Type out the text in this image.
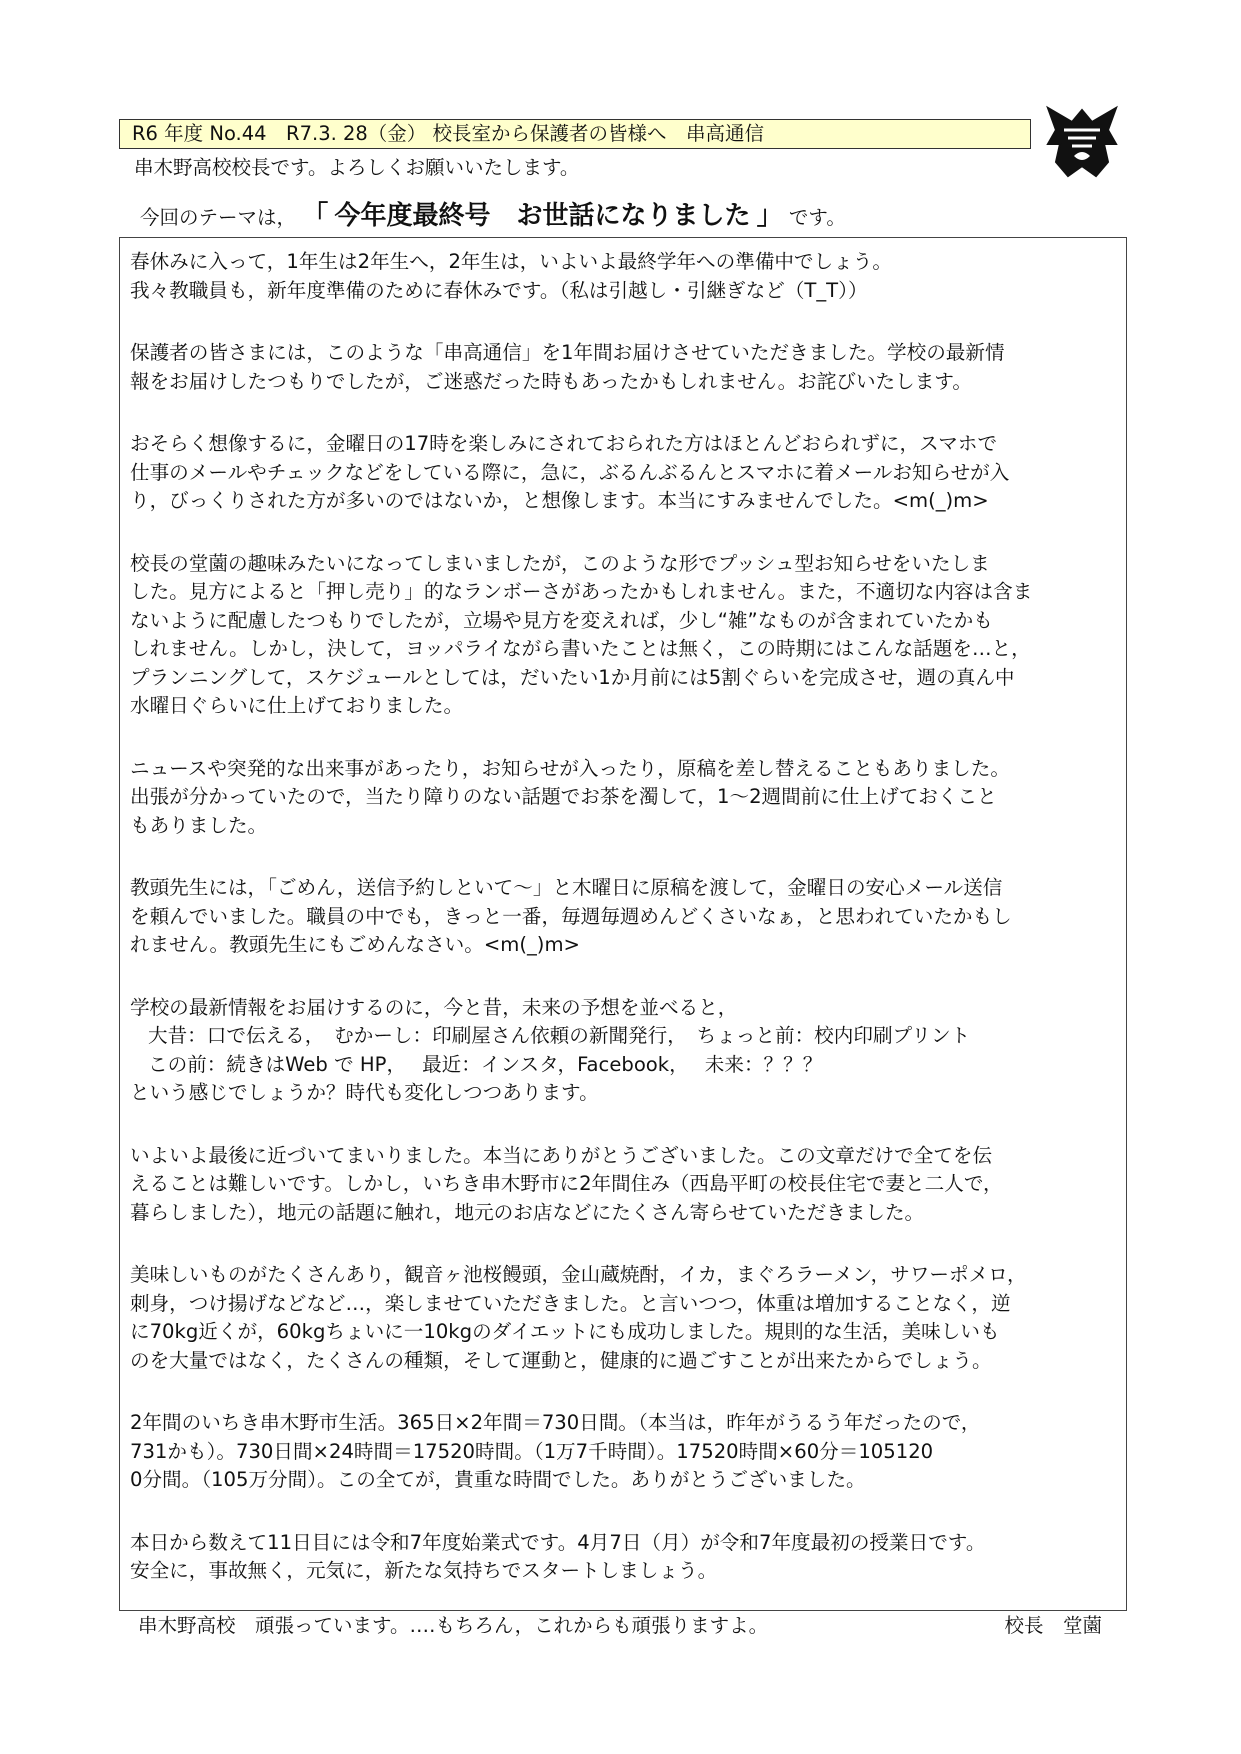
R6 年度 No.44　R7.3. 28（金） 校長室から保護者の皆様へ　串高通信
串木野高校校長です。よろしくお願いいたします。
今回のテーマは， 「 今年度最終号　お世話になりました 」 です。
春休みに入って，1年生は2年生へ，2年生は，いよいよ最終学年への準備中でしょう。
我々教職員も，新年度準備のために春休みです。（私は引越し・引継ぎなど（T_T））
保護者の皆さまには，このような「串高通信」を1年間お届けさせていただきました。学校の最新情
報をお届けしたつもりでしたが，ご迷惑だった時もあったかもしれません。お詫びいたします。
おそらく想像するに，金曜日の17時を楽しみにされておられた方はほとんどおられずに，スマホで
仕事のメールやチェックなどをしている際に，急に，ぶるんぶるんとスマホに着メールお知らせが入
り，びっくりされた方が多いのではないか，と想像します。本当にすみませんでした。<m(_)m>
校長の堂薗の趣味みたいになってしまいましたが，このような形でプッシュ型お知らせをいたしま
した。見方によると「押し売り」的なランボーさがあったかもしれません。また，不適切な内容は含ま
ないように配慮したつもりでしたが，立場や見方を変えれば，少し“雑”なものが含まれていたかも
しれません。しかし，決して，ヨッパライながら書いたことは無く，この時期にはこんな話題を…と，
プランニングして，スケジュールとしては，だいたい1か月前には5割ぐらいを完成させ，週の真ん中
水曜日ぐらいに仕上げておりました。
ニュースや突発的な出来事があったり，お知らせが入ったり，原稿を差し替えることもありました。
出張が分かっていたので，当たり障りのない話題でお茶を濁して，1～2週間前に仕上げておくこと
もありました。
教頭先生には，「ごめん，送信予約しといて～」と木曜日に原稿を渡して，金曜日の安心メール送信
を頼んでいました。職員の中でも，きっと一番，毎週毎週めんどくさいなぁ，と思われていたかもし
れません。教頭先生にもごめんなさい。<m(_)m>
学校の最新情報をお届けするのに，今と昔，未来の予想を並べると，
大昔：口で伝える，　むかーし：印刷屋さん依頼の新聞発行，　ちょっと前：校内印刷プリント
この前：続きはWeb で HP，　 最近：インスタ，Facebook，　 未来：？？？
という感じでしょうか？時代も変化しつつあります。
いよいよ最後に近づいてまいりました。本当にありがとうございました。この文章だけで全てを伝
えることは難しいです。しかし，いちき串木野市に2年間住み（西島平町の校長住宅で妻と二人で，
暮らしました），地元の話題に触れ，地元のお店などにたくさん寄らせていただきました。
美味しいものがたくさんあり，観音ヶ池桜饅頭，金山蔵焼酎，イカ，まぐろラーメン，サワーポメロ，
刺身，つけ揚げなどなど…，楽しませていただきました。と言いつつ，体重は増加することなく，逆
に70kg近くが，60kgちょいに一10kgのダイエットにも成功しました。規則的な生活，美味しいも
のを大量ではなく，たくさんの種類，そして運動と，健康的に過ごすことが出来たからでしょう。
2年間のいちき串木野市生活。365日×2年間＝730日間。（本当は，昨年がうるう年だったので，
731かも）。730日間×24時間＝17520時間。（1万7千時間）。17520時間×60分＝105120
0分間。（105万分間）。この全てが，貴重な時間でした。ありがとうございました。
本日から数えて11日目には令和7年度始業式です。4月7日（月）が令和7年度最初の授業日です。
安全に，事故無く，元気に，新たな気持ちでスタートしましょう。
串木野高校　頑張っています。‥‥もちろん，これからも頑張りますよ。	校長　堂薗
